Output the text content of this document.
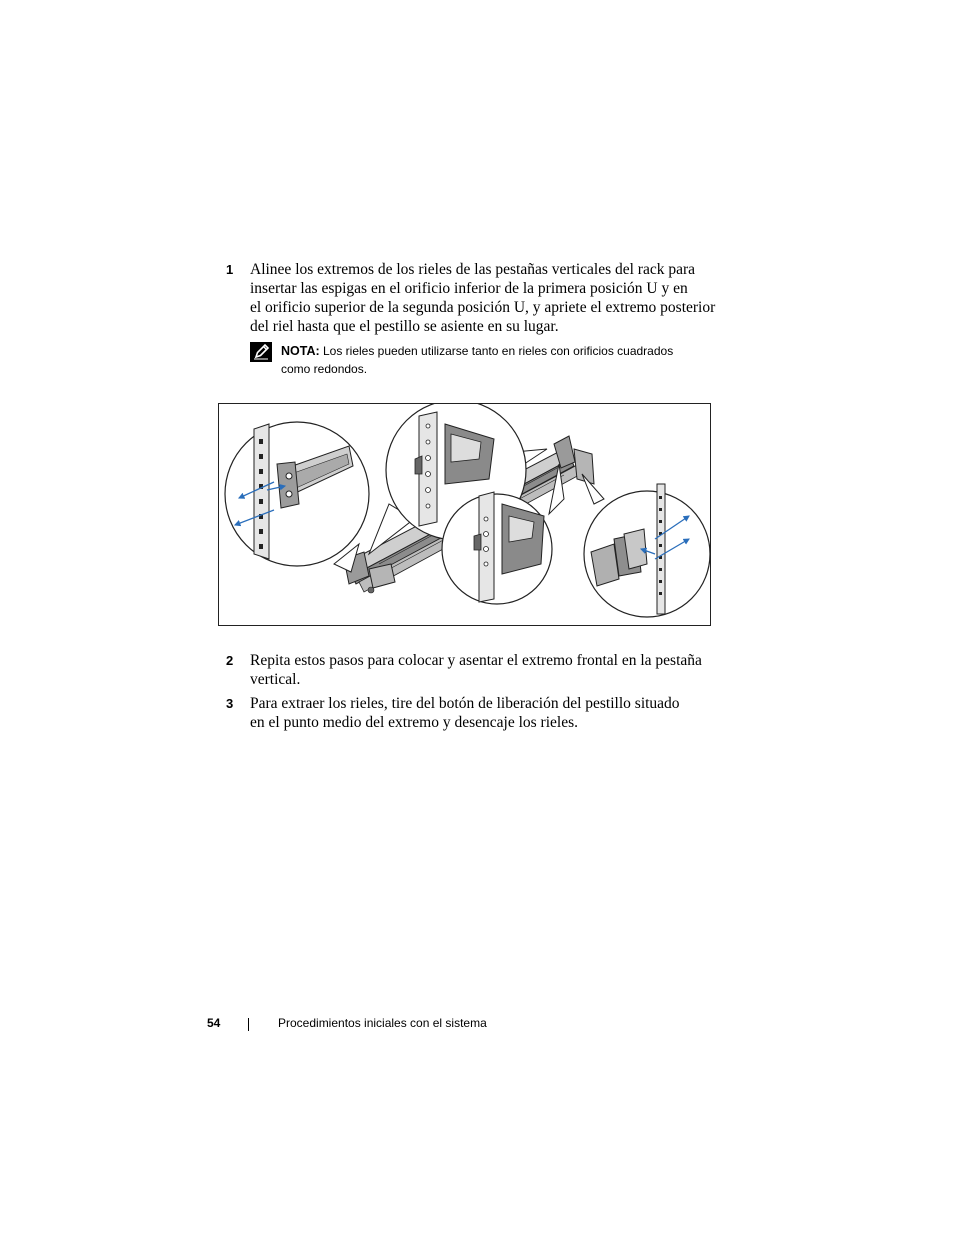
1 Alinee los extremos de los rieles de las pestañas verticales del rack para
insertar las espigas en el orificio inferior de la primera posición U y en
el orificio superior de la segunda posición U, y apriete el extremo posterior
del riel hasta que el pestillo se asiente en su lugar.
NOTA: Los rieles pueden utilizarse tanto en rieles con orificios cuadrados
como redondos.
2 Repita estos pasos para colocar y asentar el extremo frontal en la pestaña
vertical.
3 Para extraer los rieles, tire del botón de liberación del pestillo situado
en el punto medio del extremo y desencaje los rieles.
54	Procedimientos iniciales con el sistema
